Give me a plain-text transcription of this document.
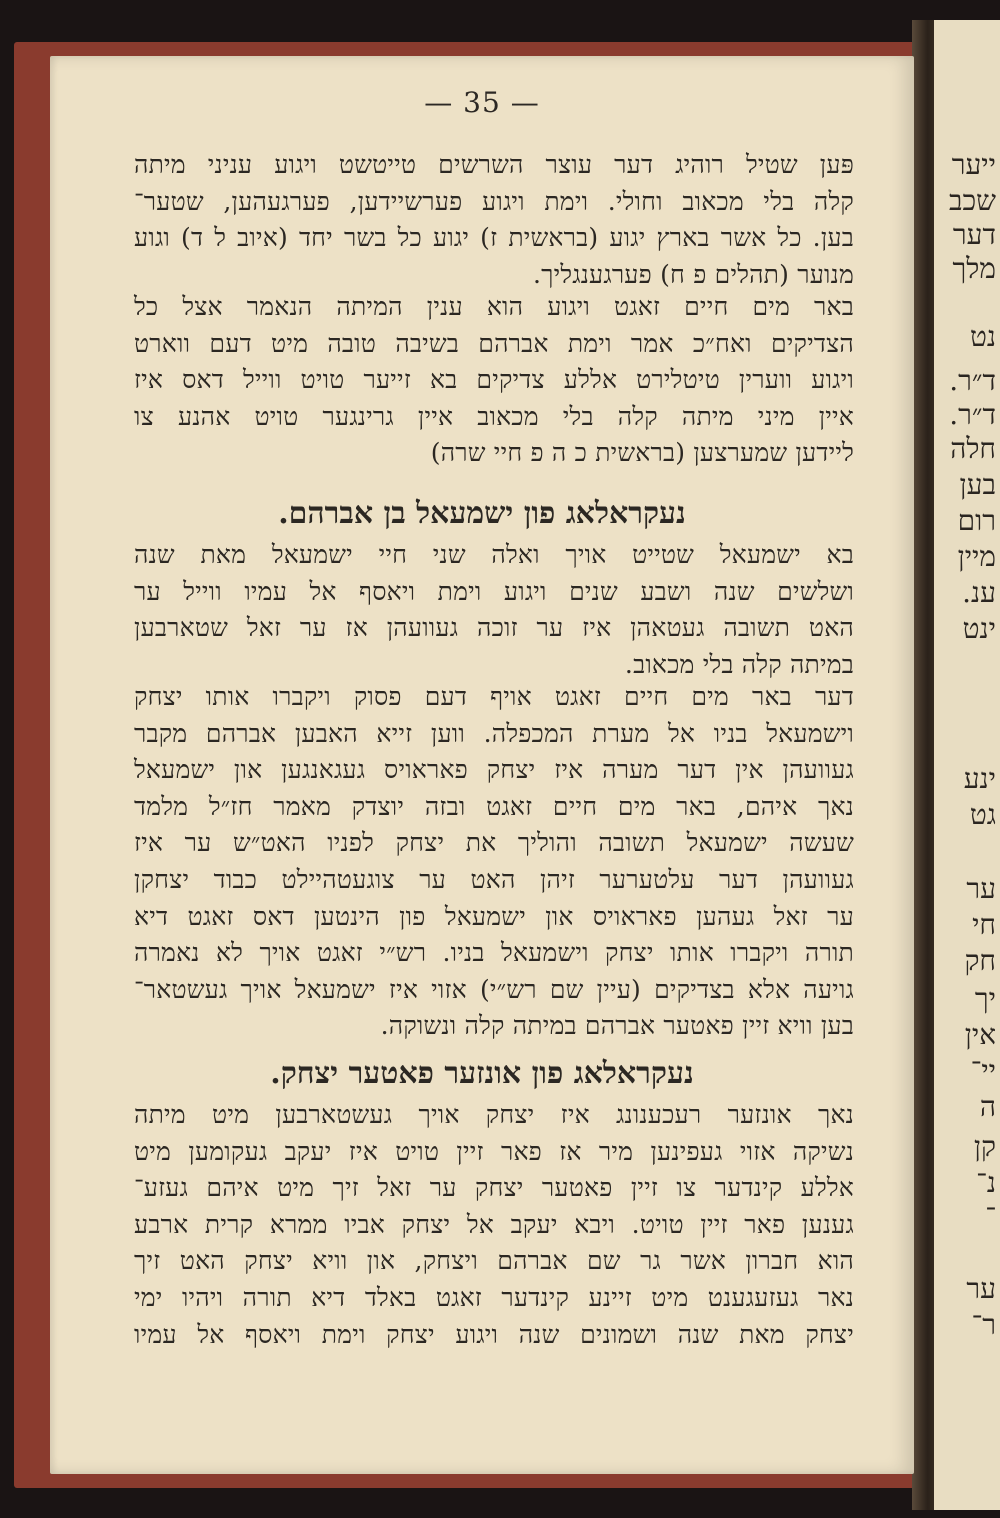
ייער
שכב
דער
מלך
נט
ד״ר.
ד״ר.
חלה
בען
רום
מיין
ענ.
ינט
ינע
גט
ער
חי
חק
יך
אין
יי־
ה
קן
נ־
־
ער
ר־
— 35 —
פּען שטיל רוהיג דער עוצר השרשים טייטשט ויגוע עניני מיתה
קלה בלי מכאוב וחולי. וימת ויגוע פערשיידען, פערגעהען, שטער־
בען. כל אשר בארץ יגוע (בראשית ז) יגוע כל בשר יחד (איוב ל ד) וגוע
מנוער (תהלים פ ח) פערגענגליך.
באר מים חיים זאגט ויגוע הוא ענין המיתה הנאמר אצל כל
הצדיקים ואח״כ אמר וימת אברהם בשיבה טובה מיט דעם ווארט
ויגוע ווערין טיטלירט אללע צדיקים בא זייער טויט ווייל דאס איז
איין מיני מיתה קלה בלי מכאוב איין גרינגער טויט אהנע צו
ליידען שמערצען (בראשית כ ה פ חיי שרה)
נעקראלאג פון ישמעאל בן אברהם.
בא ישמעאל שטייט אויך ואלה שני חיי ישמעאל מאת שנה
ושלשים שנה ושבע שנים ויגוע וימת ויאסף אל עמיו ווייל ער
האט תשובה געטאהן איז ער זוכה געוועהן אז ער זאל שטארבען
במיתה קלה בלי מכאוב.
דער באר מים חיים זאגט אויף דעם פסוק ויקברו אותו יצחק
וישמעאל בניו אל מערת המכפלה. ווען זייא האבען אברהם מקבר
געוועהן אין דער מערה איז יצחק פאראויס געגאנגען און ישמעאל
נאך איהם, באר מים חיים זאגט ובזה יוצדק מאמר חז״ל מלמד
שעשה ישמעאל תשובה והוליך את יצחק לפניו האט״ש ער איז
געוועהן דער עלטערער זיהן האט ער צוגעטהיילט כבוד יצחקן
ער זאל געהען פאראויס און ישמעאל פון הינטען דאס זאגט דיא
תורה ויקברו אותו יצחק וישמעאל בניו. רש״י זאגט אויך לא נאמרה
גויעה אלא בצדיקים (עיין שם רש״י) אזוי איז ישמעאל אויך געשטאר־
בען וויא זיין פאטער אברהם במיתה קלה ונשוקה.
נעקראלאג פון אונזער פאטער יצחק.
נאך אונזער רעכענונג איז יצחק אויך געשטארבען מיט מיתה
נשיקה אזוי געפינען מיר אז פאר זיין טויט איז יעקב געקומען מיט
אללע קינדער צו זיין פאטער יצחק ער זאל זיך מיט איהם געזע־
גענען פאר זיין טויט. ויבא יעקב אל יצחק אביו ממרא קרית ארבע
הוא חברון אשר גר שם אברהם ויצחק, און וויא יצחק האט זיך
נאר געזעגענט מיט זיינע קינדער זאגט באלד דיא תורה ויהיו ימי
יצחק מאת שנה ושמונים שנה ויגוע יצחק וימת ויאסף אל עמיו
